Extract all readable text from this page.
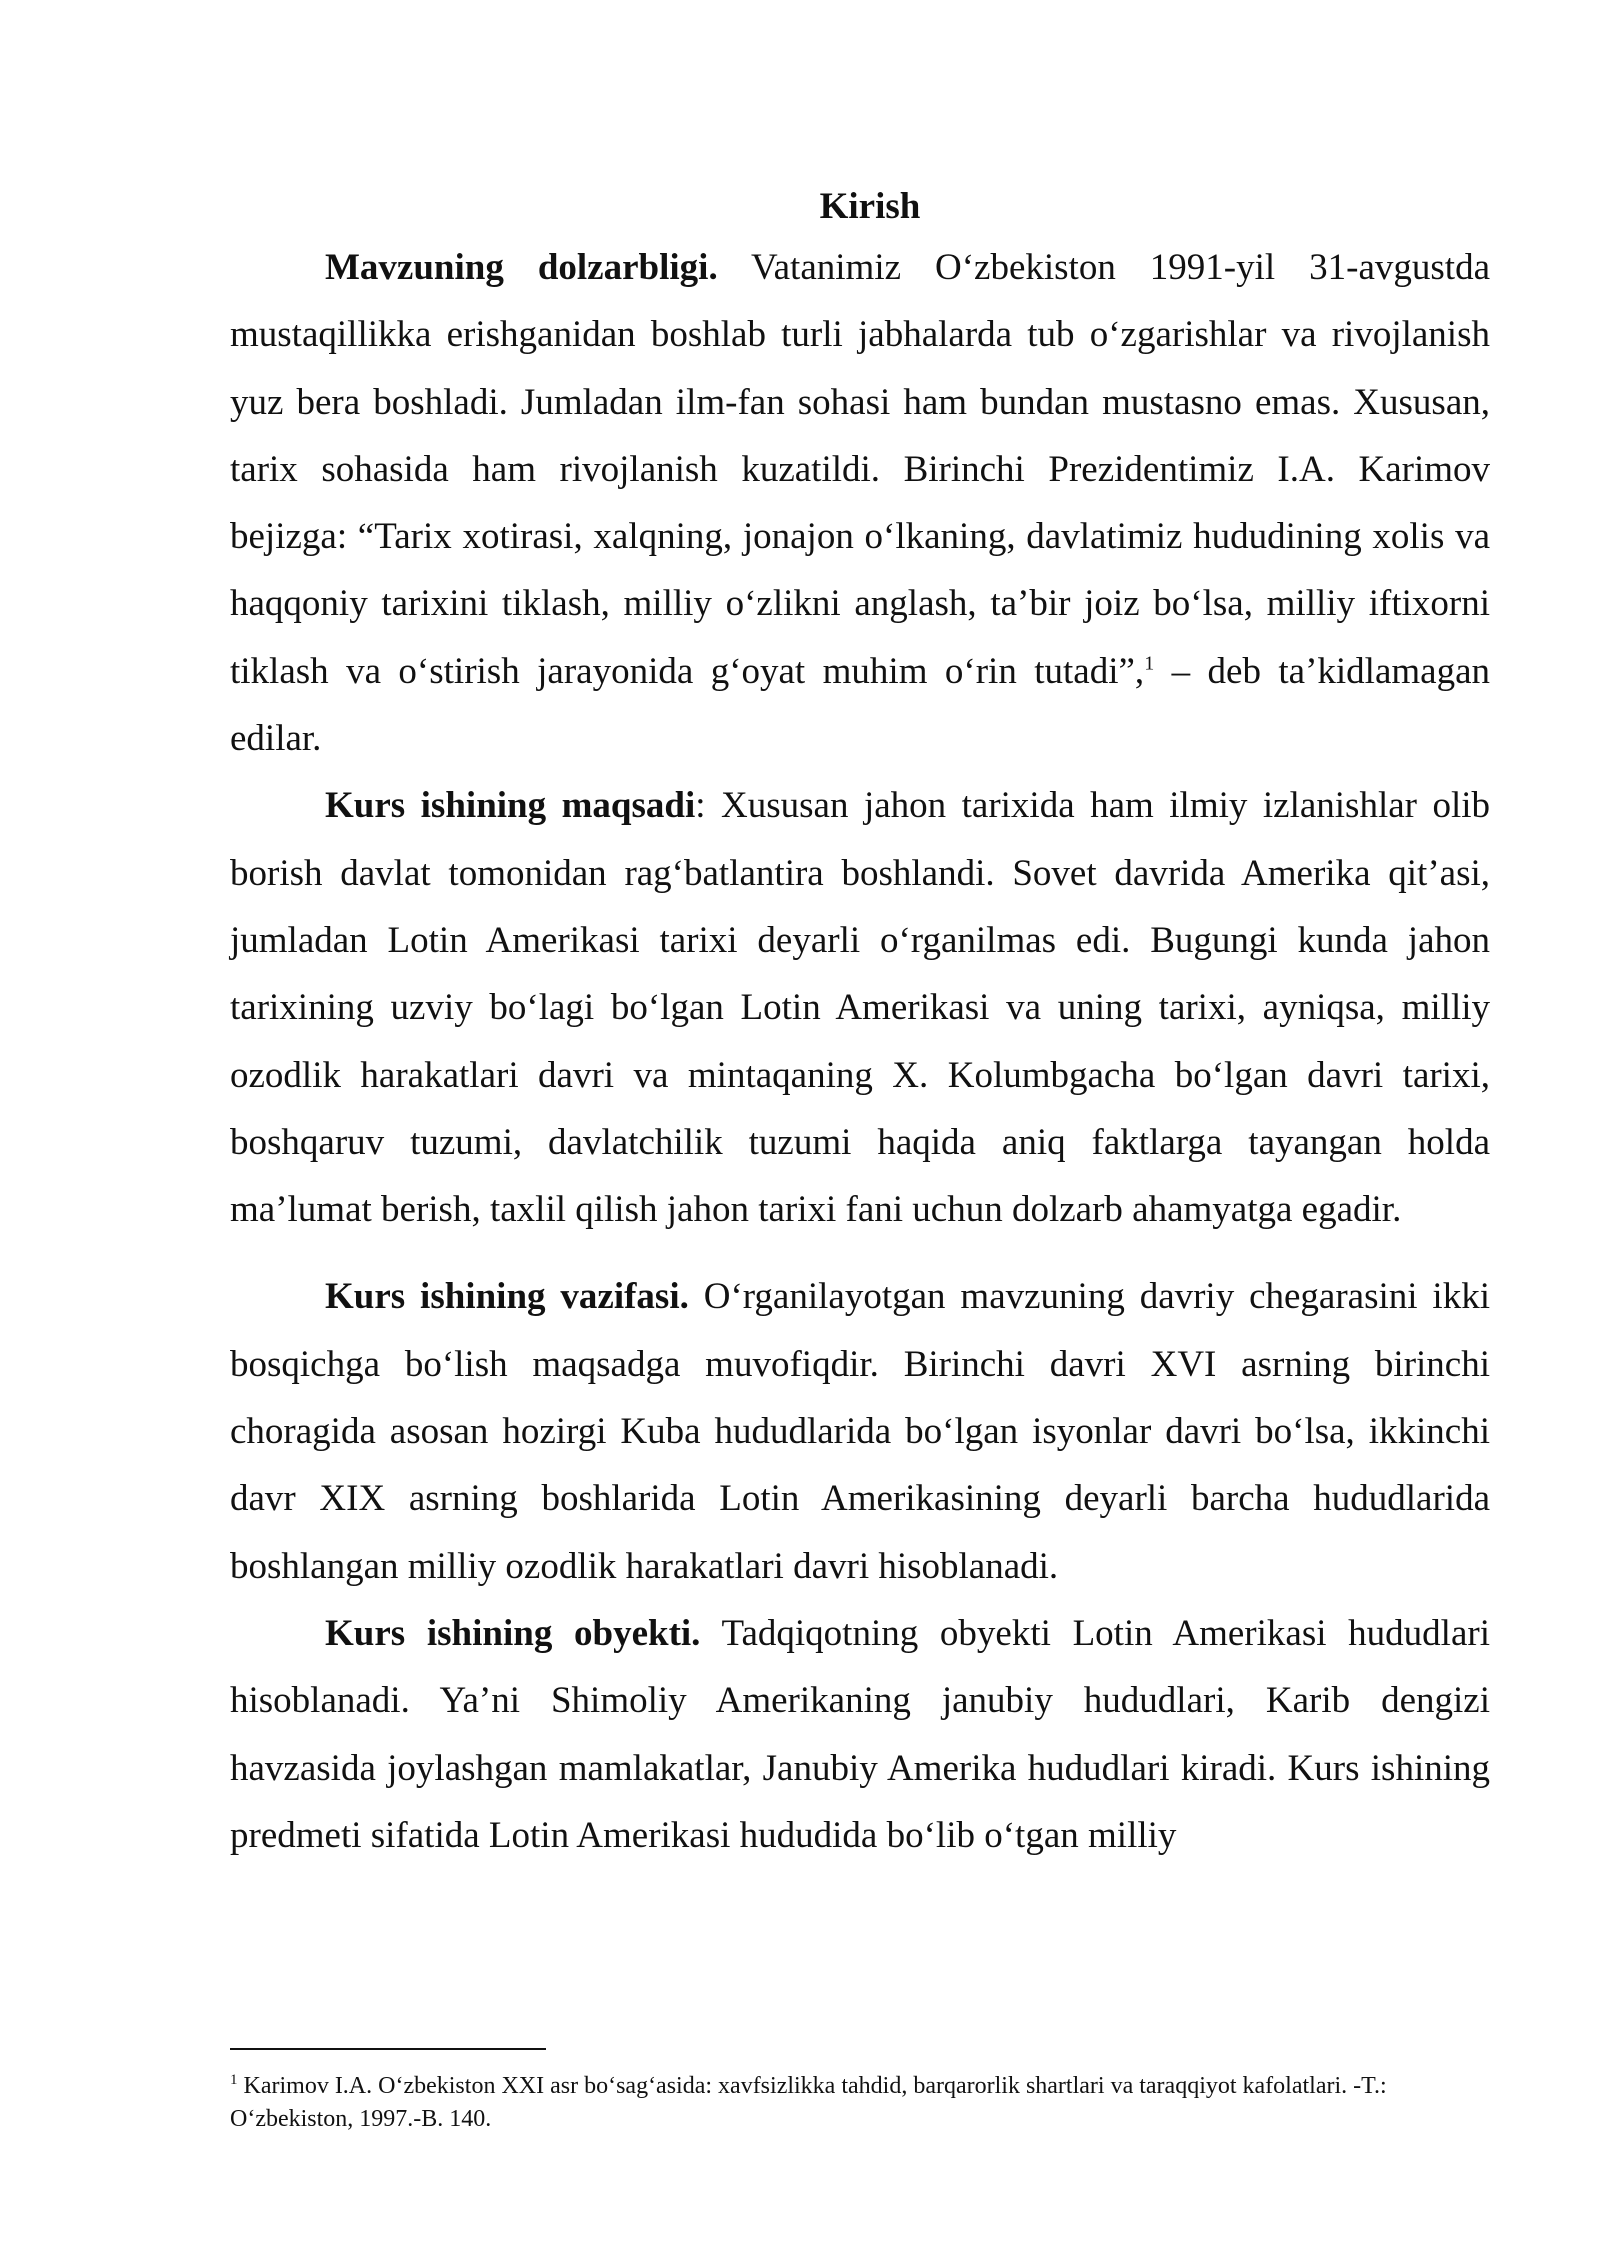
Kirish

Mavzuning dolzarbligi. Vatanimiz O‘zbekiston 1991-yil 31-avgustda mustaqillikka erishganidan boshlab turli jabhalarda tub o‘zgarishlar va rivojlanish yuz bera boshladi. Jumladan ilm-fan sohasi ham bundan mustasno emas. Xususan, tarix sohasida ham rivojlanish kuzatildi. Birinchi Prezidentimiz I.A. Karimov bejizga: “Tarix xotirasi, xalqning, jonajon o‘lkaning, davlatimiz hududining xolis va haqqoniy tarixini tiklash, milliy o‘zlikni anglash, ta’bir joiz bo‘lsa, milliy iftixorni tiklash va o‘stirish jarayonida g‘oyat muhim o‘rin tutadi”,$^1$ – deb ta’kidlamagan edilar.

Kurs ishining maqsadi: Xususan jahon tarixida ham ilmiy izlanishlar olib borish davlat tomonidan rag‘batlantira boshlandi. Sovet davrida Amerika qit’asi, jumladan Lotin Amerikasi tarixi deyarli o‘rganilmas edi. Bugungi kunda jahon tarixining uzviy bo‘lagi bo‘lgan Lotin Amerikasi va uning tarixi, ayniqsa, milliy ozodlik harakatlari davri va mintaqaning X. Kolumbgacha bo‘lgan davri tarixi, boshqaruv tuzumi, davlatchilik tuzumi haqida aniq faktlarga tayangan holda ma’lumat berish, taxlil qilish jahon tarixi fani uchun dolzarb ahamyatga egadir.

Kurs ishining vazifasi. O‘rganilayotgan mavzuning davriy chegarasini ikki bosqichga bo‘lish maqsadga muvofiqdir. Birinchi davri XVI asrning birinchi choragida asosan hozirgi Kuba hududlarida bo‘lgan isyonlar davri bo‘lsa, ikkinchi davr XIX asrning boshlarida Lotin Amerikasining deyarli barcha hududlarida boshlangan milliy ozodlik harakatlari davri hisoblanadi.

Kurs ishining obyekti. Tadqiqotning obyekti Lotin Amerikasi hududlari hisoblanadi. Ya’ni Shimoliy Amerikaning janubiy hududlari, Karib dengizi havzasida joylashgan mamlakatlar, Janubiy Amerika hududlari kiradi. Kurs ishining predmeti sifatida Lotin Amerikasi hududida bo‘lib o‘tgan milliy

$^1$ Karimov I.A. O‘zbekiston XXI asr bo‘sag‘asida: xavfsizlikka tahdid, barqarorlik shartlari va taraqqiyot kafolatlari. -T.: O‘zbekiston, 1997.-B. 140.
